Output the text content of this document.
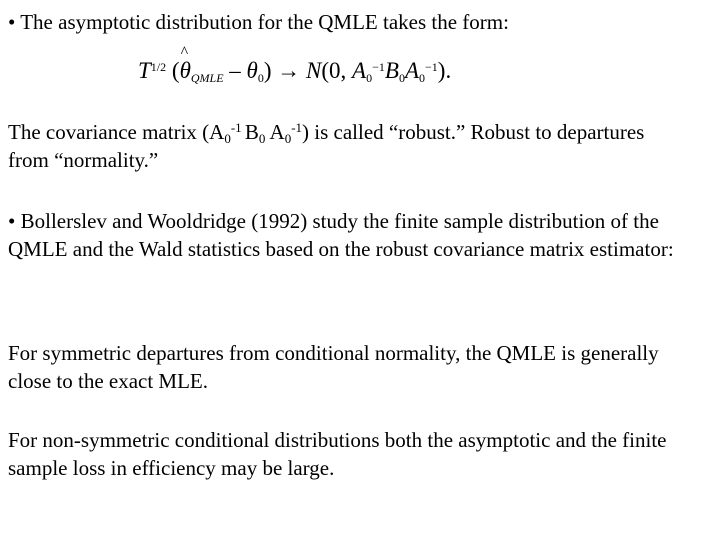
• The asymptotic distribution for the QMLE takes the form:

$T^{1/2}$ (^ $\theta_{QMLE} - \theta_0) \to N(0$, $A_0^{-1}B_0A_0^{-1}$).

The covariance matrix ($A_0^{-1}$ $B_0$ $A_0^{-1}$) is called “robust.” Robust to departures from “normality.”

• Bollerslev and Wooldridge (1992) study the finite sample distribution of the QMLE and the Wald statistics based on the robust covariance matrix estimator:

For symmetric departures from conditional normality, the QMLE is generally close to the exact MLE.

For non-symmetric conditional distributions both the asymptotic and the finite sample loss in efficiency may be large.
